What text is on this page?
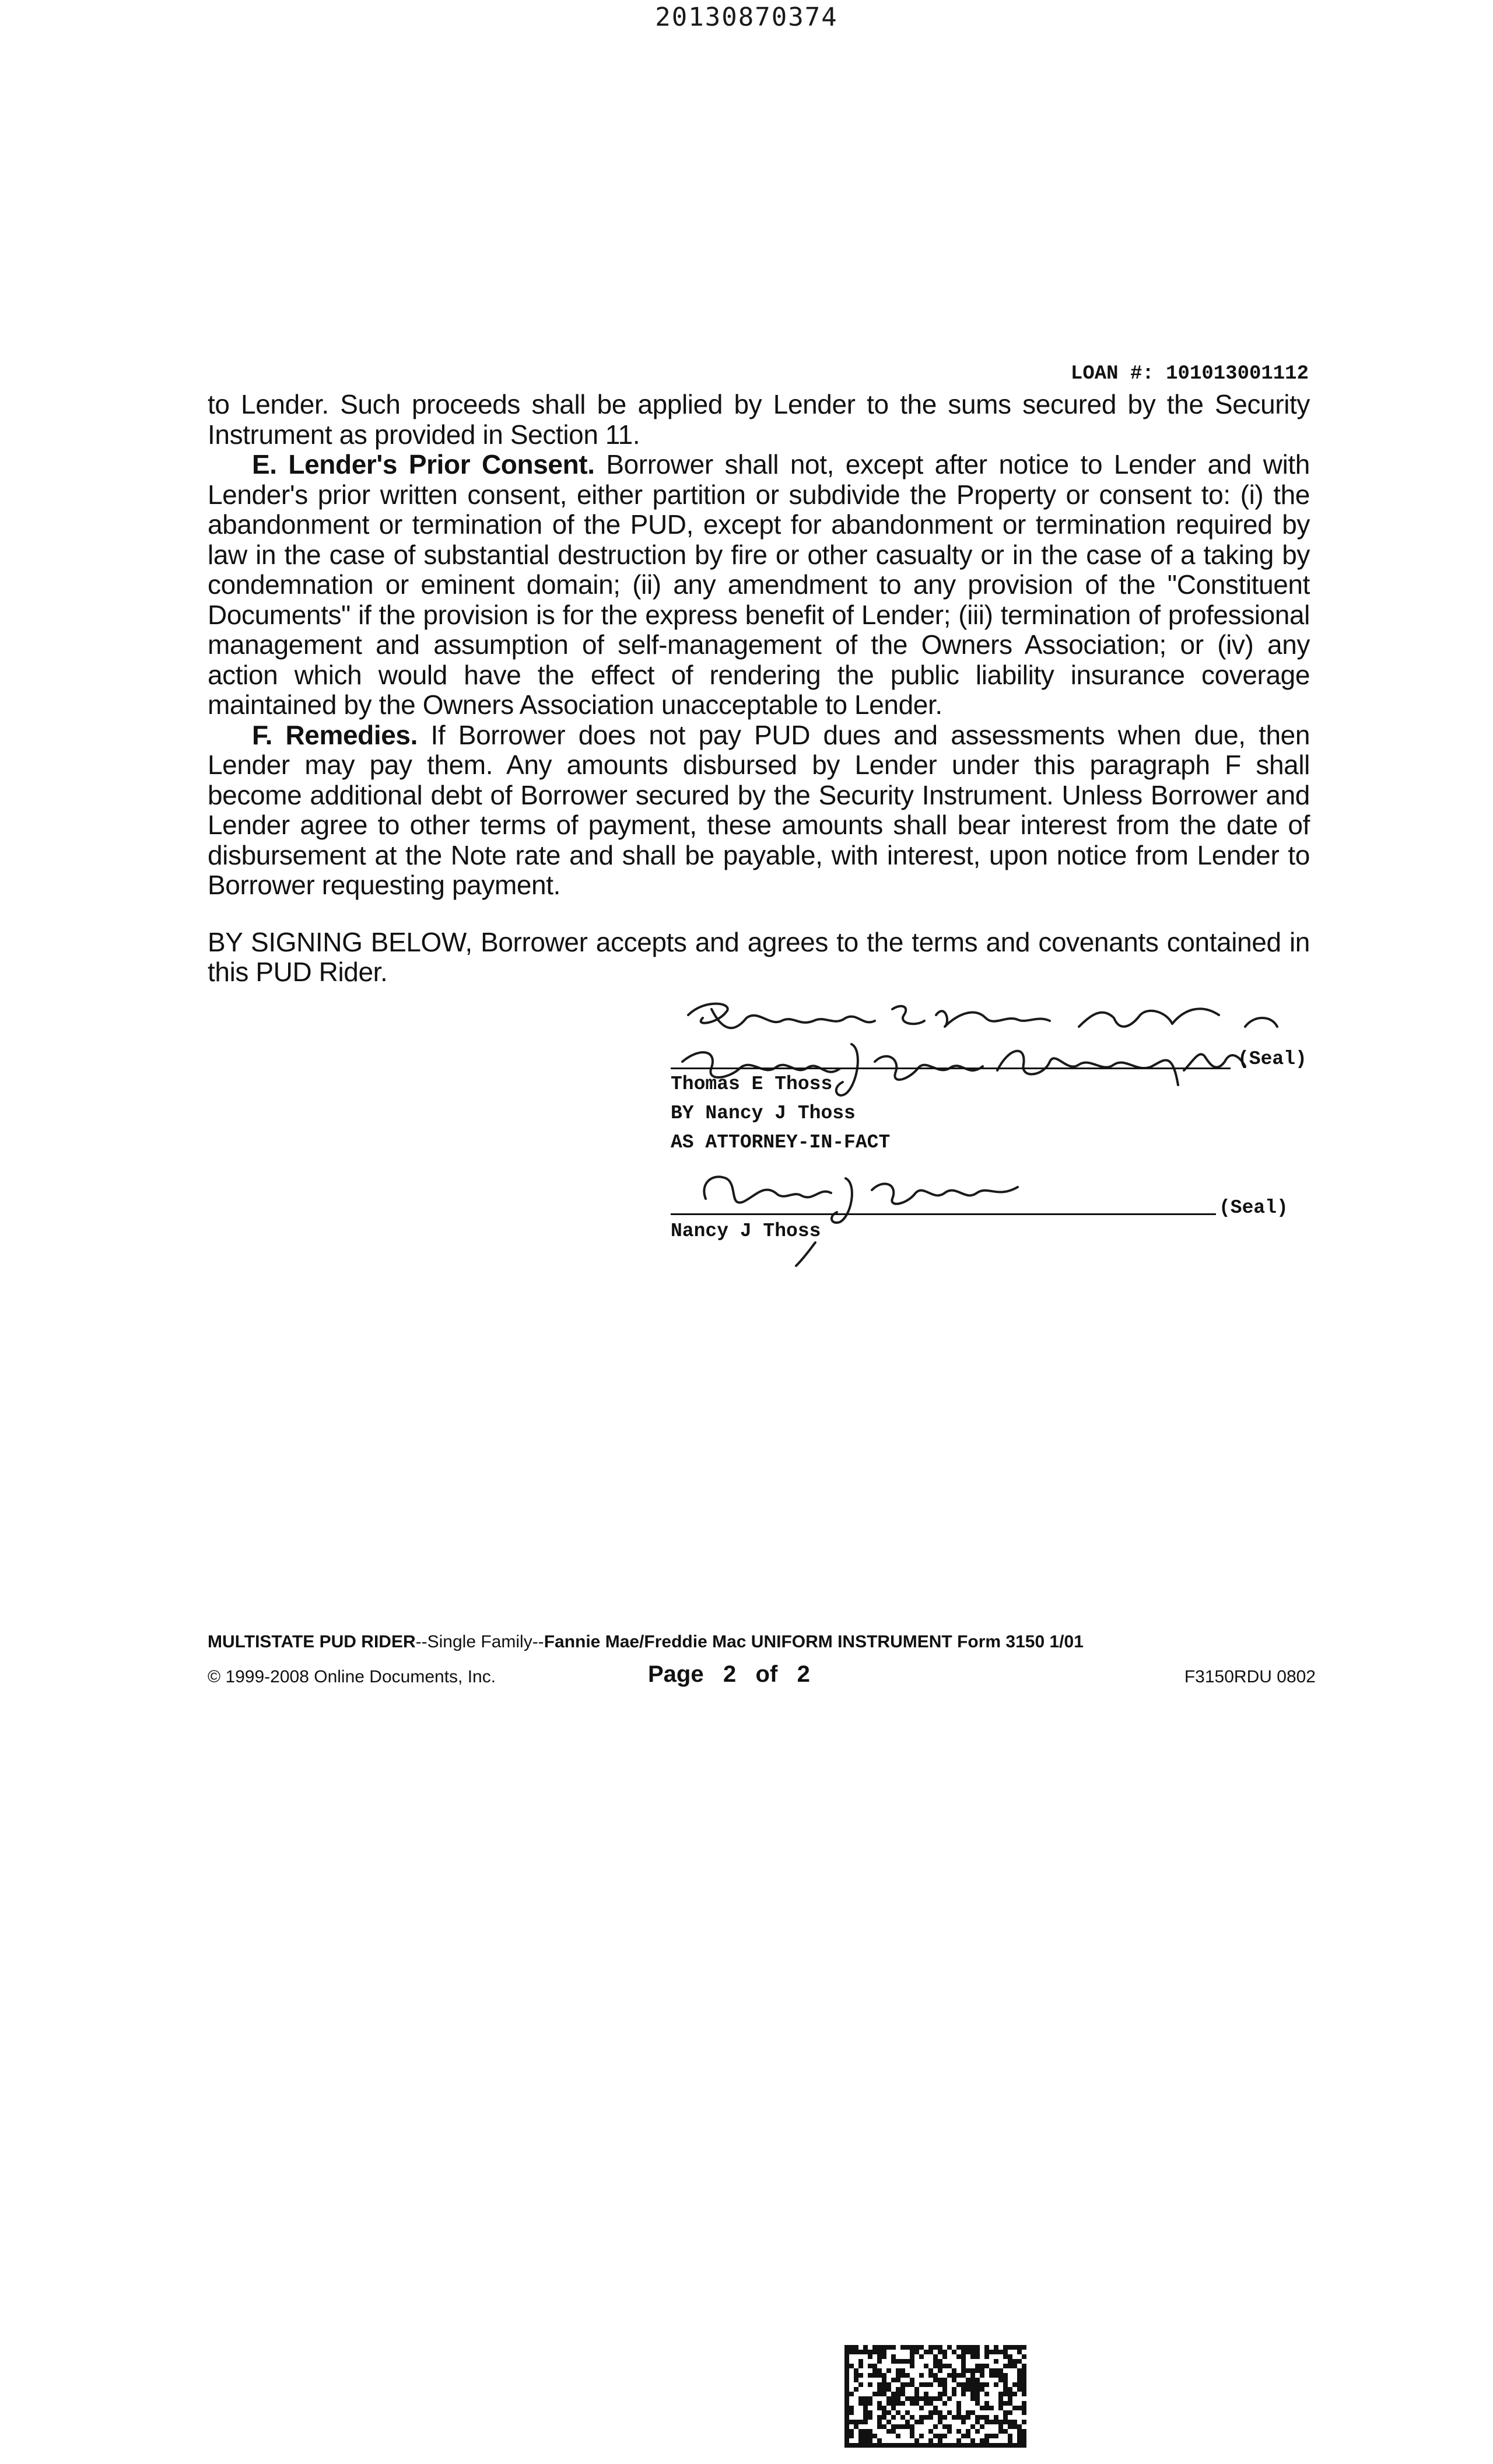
20130870374
LOAN #: 101013001112

to Lender. Such proceeds shall be applied by Lender to the sums secured by the Security Instrument as provided in Section 11.

E. Lender's Prior Consent. Borrower shall not, except after notice to Lender and with Lender's prior written consent, either partition or subdivide the Property or consent to: (i) the abandonment or termination of the PUD, except for abandonment or termination required by law in the case of substantial destruction by fire or other casualty or in the case of a taking by condemnation or eminent domain; (ii) any amendment to any provision of the "Constituent Documents" if the provision is for the express benefit of Lender; (iii) termination of professional management and assumption of self-management of the Owners Association; or (iv) any action which would have the effect of rendering the public liability insurance coverage maintained by the Owners Association unacceptable to Lender.

F. Remedies. If Borrower does not pay PUD dues and assessments when due, then Lender may pay them. Any amounts disbursed by Lender under this paragraph F shall become additional debt of Borrower secured by the Security Instrument. Unless Borrower and Lender agree to other terms of payment, these amounts shall bear interest from the date of disbursement at the Note rate and shall be payable, with interest, upon notice from Lender to Borrower requesting payment.

BY SIGNING BELOW, Borrower accepts and agrees to the terms and covenants contained in this PUD Rider.

(Seal)
Thomas E Thoss
BY Nancy J Thoss
AS ATTORNEY-IN-FACT
(Seal)
Nancy J Thoss
MULTISTATE PUD RIDER--Single Family--Fannie Mae/Freddie Mac UNIFORM INSTRUMENT Form 3150 1/01
© 1999-2008 Online Documents, Inc.	Page   2   of   2	F3150RDU 0802
